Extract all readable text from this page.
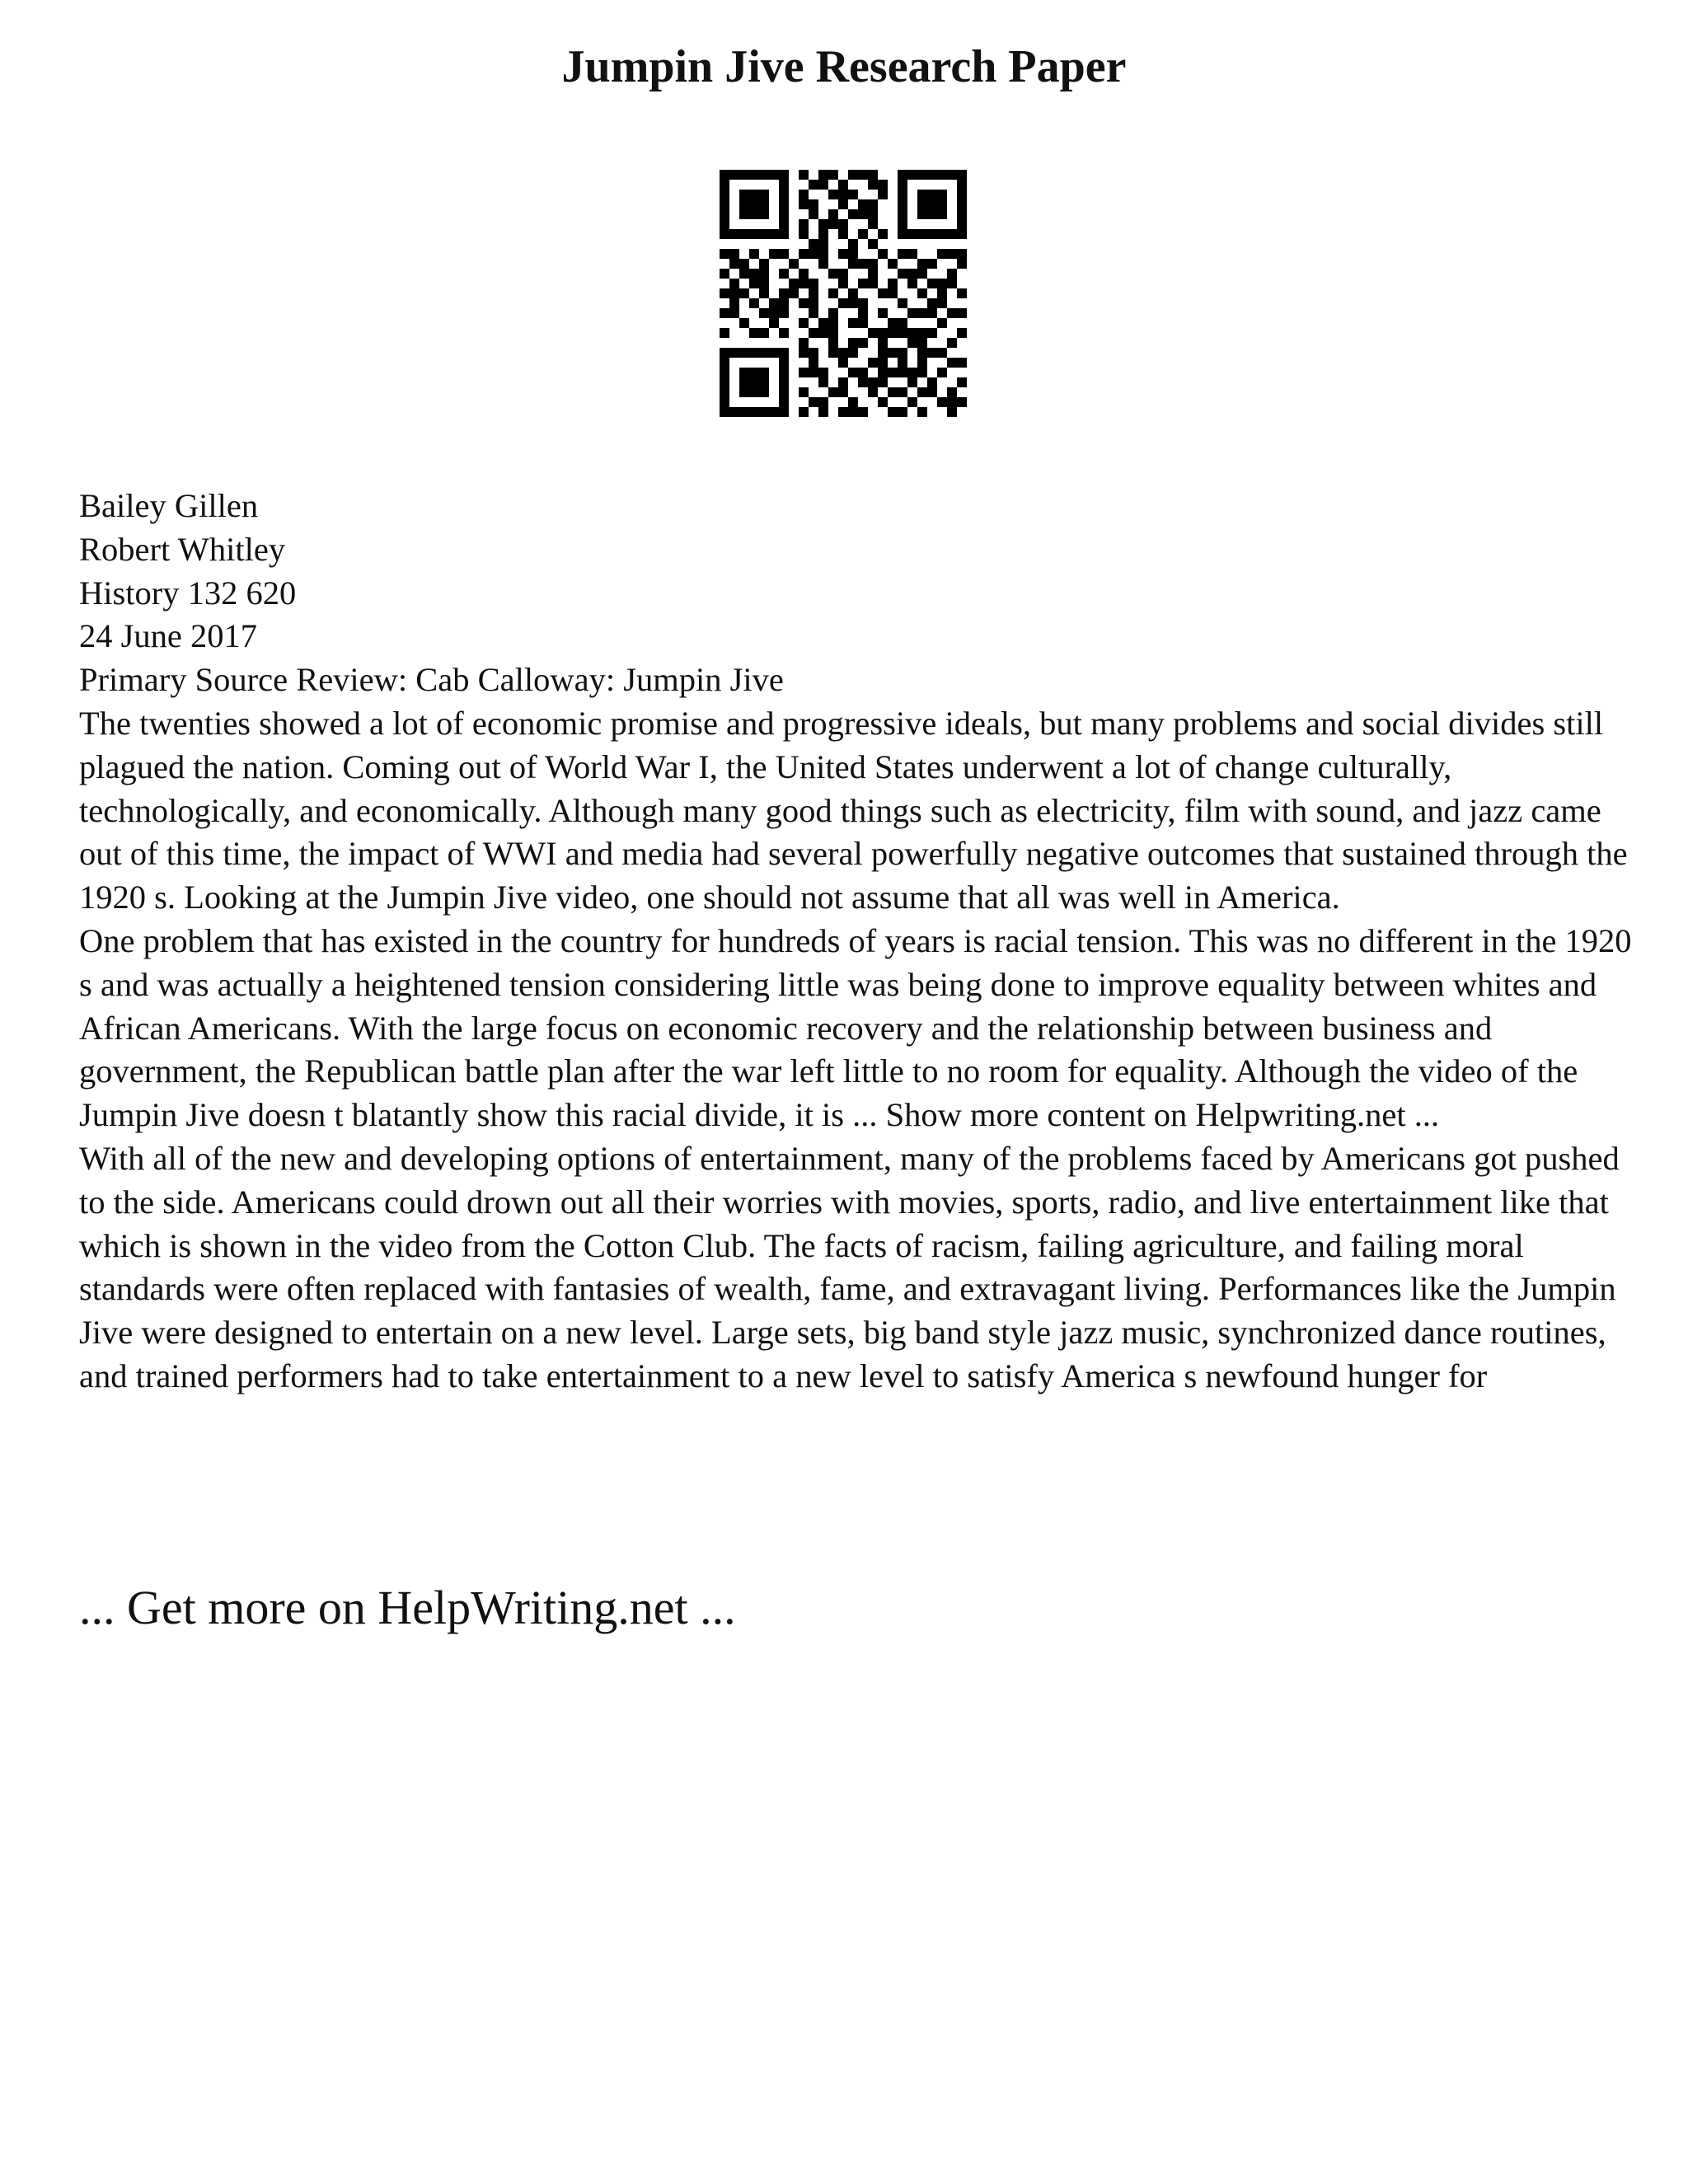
Jumpin Jive Research Paper
Bailey Gillen
Robert Whitley
History 132 620
24 June 2017
Primary Source Review: Cab Calloway: Jumpin Jive

The twenties showed a lot of economic promise and progressive ideals, but many problems and social divides still plagued the nation. Coming out of World War I, the United States underwent a lot of change culturally, technologically, and economically. Although many good things such as electricity, film with sound, and jazz came out of this time, the impact of WWI and media had several powerfully negative outcomes that sustained through the 1920 s. Looking at the Jumpin Jive video, one should not assume that all was well in America.

One problem that has existed in the country for hundreds of years is racial tension. This was no different in the 1920 s and was actually a heightened tension considering little was being done to improve equality between whites and African Americans. With the large focus on economic recovery and the relationship between business and government, the Republican battle plan after the war left little to no room for equality. Although the video of the Jumpin Jive doesn t blatantly show this racial divide, it is ... Show more content on Helpwriting.net ...

With all of the new and developing options of entertainment, many of the problems faced by Americans got pushed to the side. Americans could drown out all their worries with movies, sports, radio, and live entertainment like that which is shown in the video from the Cotton Club. The facts of racism, failing agriculture, and failing moral standards were often replaced with fantasies of wealth, fame, and extravagant living. Performances like the Jumpin Jive were designed to entertain on a new level. Large sets, big band style jazz music, synchronized dance routines, and trained performers had to take entertainment to a new level to satisfy America s newfound hunger for

... Get more on HelpWriting.net ...
